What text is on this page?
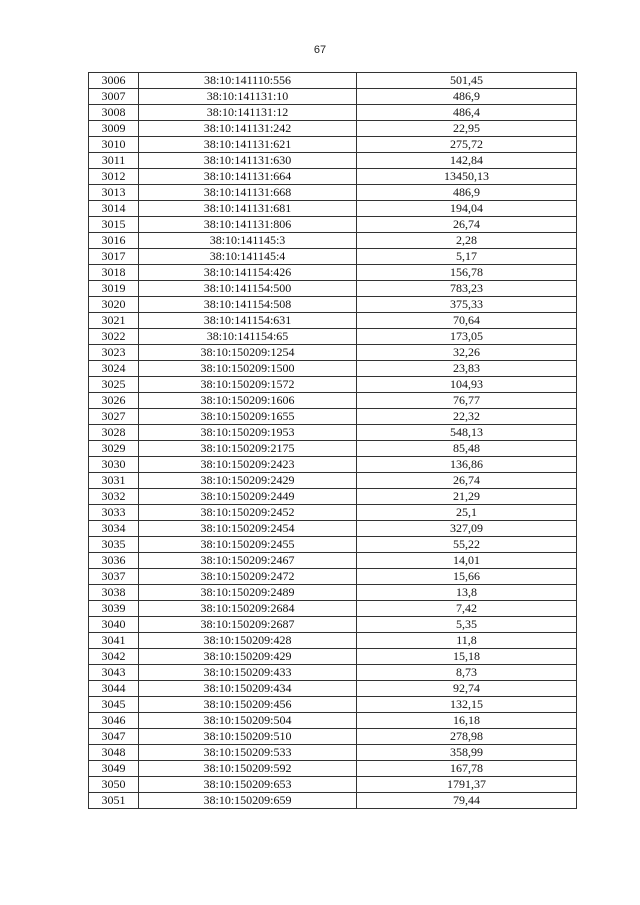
67
3006	38:10:141110:556	501,45
3007	38:10:141131:10	486,9
3008	38:10:141131:12	486,4
3009	38:10:141131:242	22,95
3010	38:10:141131:621	275,72
3011	38:10:141131:630	142,84
3012	38:10:141131:664	13450,13
3013	38:10:141131:668	486,9
3014	38:10:141131:681	194,04
3015	38:10:141131:806	26,74
3016	38:10:141145:3	2,28
3017	38:10:141145:4	5,17
3018	38:10:141154:426	156,78
3019	38:10:141154:500	783,23
3020	38:10:141154:508	375,33
3021	38:10:141154:631	70,64
3022	38:10:141154:65	173,05
3023	38:10:150209:1254	32,26
3024	38:10:150209:1500	23,83
3025	38:10:150209:1572	104,93
3026	38:10:150209:1606	76,77
3027	38:10:150209:1655	22,32
3028	38:10:150209:1953	548,13
3029	38:10:150209:2175	85,48
3030	38:10:150209:2423	136,86
3031	38:10:150209:2429	26,74
3032	38:10:150209:2449	21,29
3033	38:10:150209:2452	25,1
3034	38:10:150209:2454	327,09
3035	38:10:150209:2455	55,22
3036	38:10:150209:2467	14,01
3037	38:10:150209:2472	15,66
3038	38:10:150209:2489	13,8
3039	38:10:150209:2684	7,42
3040	38:10:150209:2687	5,35
3041	38:10:150209:428	11,8
3042	38:10:150209:429	15,18
3043	38:10:150209:433	8,73
3044	38:10:150209:434	92,74
3045	38:10:150209:456	132,15
3046	38:10:150209:504	16,18
3047	38:10:150209:510	278,98
3048	38:10:150209:533	358,99
3049	38:10:150209:592	167,78
3050	38:10:150209:653	1791,37
3051	38:10:150209:659	79,44
